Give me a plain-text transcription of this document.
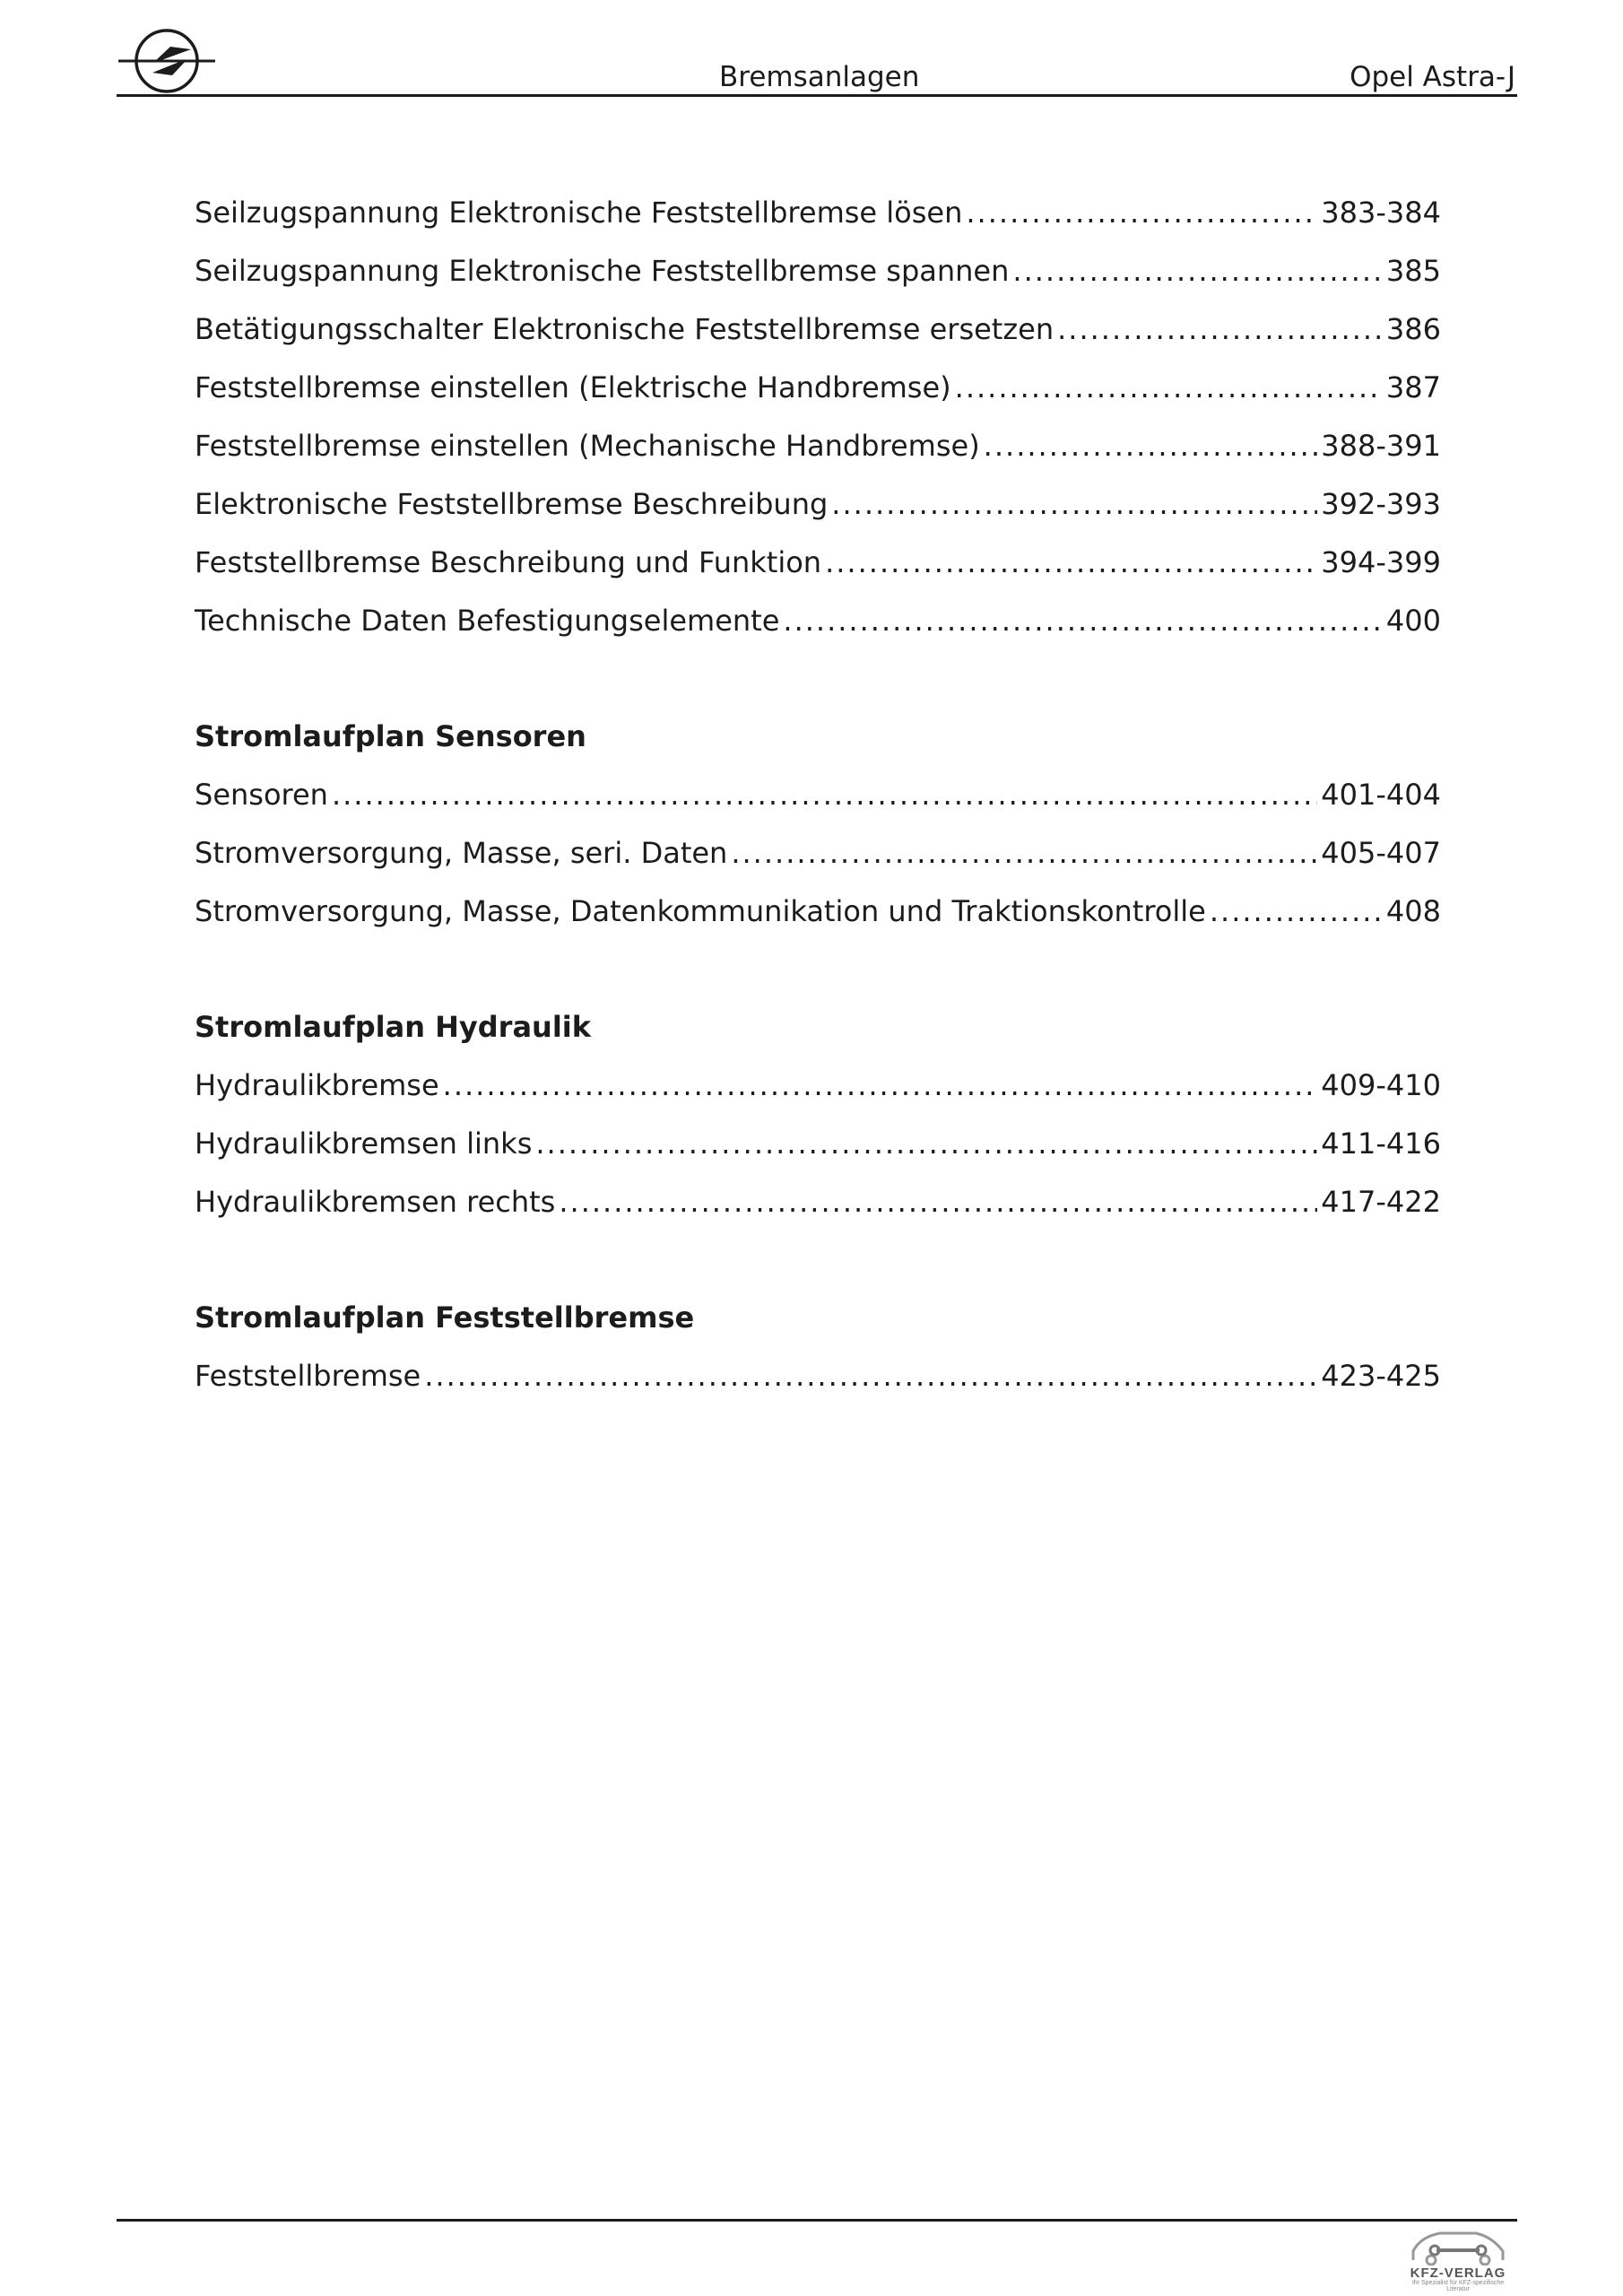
Bremsanlagen	Opel Astra-J
Seilzugspannung Elektronische Feststellbremse lösen .....	383-384
Seilzugspannung Elektronische Feststellbremse spannen .....	385
Betätigungsschalter Elektronische Feststellbremse ersetzen .....	386
Feststellbremse einstellen (Elektrische Handbremse) .....	387
Feststellbremse einstellen (Mechanische Handbremse) .....	388-391
Elektronische Feststellbremse Beschreibung .....	392-393
Feststellbremse Beschreibung und Funktion .....	394-399
Technische Daten Befestigungselemente .....	400
Stromlaufplan Sensoren
Sensoren .....	401-404
Stromversorgung, Masse, seri. Daten .....	405-407
Stromversorgung, Masse, Datenkommunikation und Traktionskontrolle .....	408
Stromlaufplan Hydraulik
Hydraulikbremse .....	409-410
Hydraulikbremsen links .....	411-416
Hydraulikbremsen rechts .....	417-422
Stromlaufplan Feststellbremse
Feststellbremse .....	423-425
KFZ-VERLAG
Ihr Spezialist für KFZ-spezifische Literatur
